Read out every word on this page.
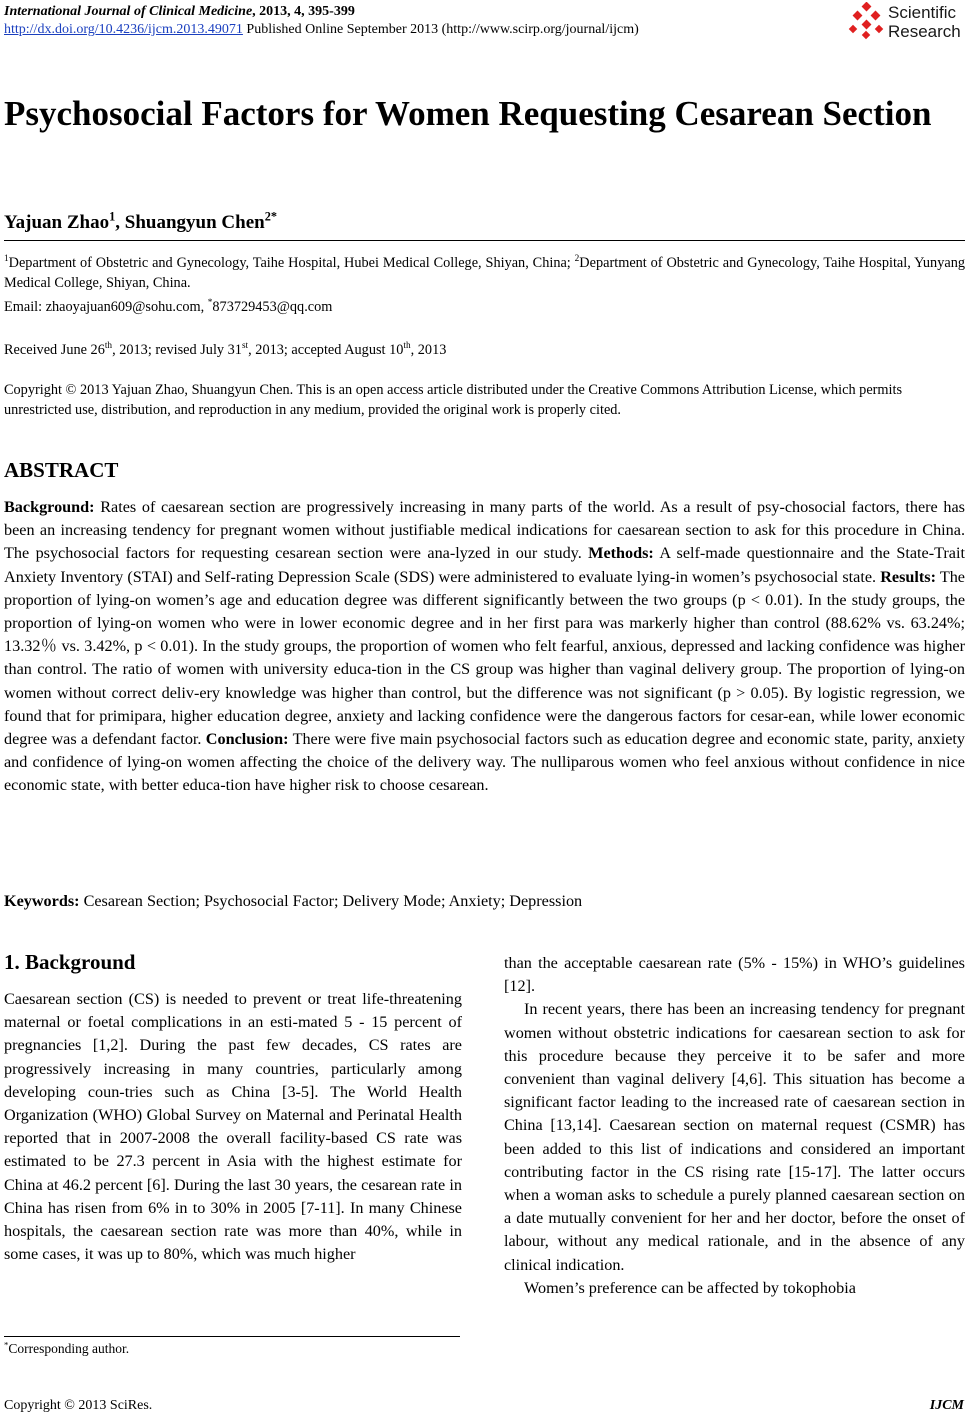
International Journal of Clinical Medicine, 2013, 4, 395-399
http://dx.doi.org/10.4236/ijcm.2013.49071 Published Online September 2013 (http://www.scirp.org/journal/ijcm)
Scientific
Research
Psychosocial Factors for Women Requesting Cesarean Section
Yajuan Zhao$^1$, Shuangyun Chen$^{2*}$
$^1$Department of Obstetric and Gynecology, Taihe Hospital, Hubei Medical College, Shiyan, China; $^2$Department of Obstetric and Gynecology, Taihe Hospital, Yunyang Medical College, Shiyan, China.
Email: zhaoyajuan609@sohu.com, *873729453@qq.com
Received June 26th, 2013; revised July 31st, 2013; accepted August 10th, 2013
Copyright © 2013 Yajuan Zhao, Shuangyun Chen. This is an open access article distributed under the Creative Commons Attribution License, which permits unrestricted use, distribution, and reproduction in any medium, provided the original work is properly cited.
ABSTRACT
Background: Rates of caesarean section are progressively increasing in many parts of the world. As a result of psy-chosocial factors, there has been an increasing tendency for pregnant women without justifiable medical indications for caesarean section to ask for this procedure in China. The psychosocial factors for requesting cesarean section were ana-lyzed in our study. Methods: A self-made questionnaire and the State-Trait Anxiety Inventory (STAI) and Self-rating Depression Scale (SDS) were administered to evaluate lying-in women’s psychosocial state. Results: The proportion of lying-on women’s age and education degree was different significantly between the two groups (p < 0.01). In the study groups, the proportion of lying-on women who were in lower economic degree and in her first para was markerly higher than control (88.62% vs. 63.24%; 13.32％ vs. 3.42%, p < 0.01). In the study groups, the proportion of women who felt fearful, anxious, depressed and lacking confidence was higher than control. The ratio of women with university educa-tion in the CS group was higher than vaginal delivery group. The proportion of lying-on women without correct deliv-ery knowledge was higher than control, but the difference was not significant (p > 0.05). By logistic regression, we found that for primipara, higher education degree, anxiety and lacking confidence were the dangerous factors for cesar-ean, while lower economic degree was a defendant factor. Conclusion: There were five main psychosocial factors such as education degree and economic state, parity, anxiety and confidence of lying-on women affecting the choice of the delivery way. The nulliparous women who feel anxious without confidence in nice economic state, with better educa-tion have higher risk to choose cesarean.
Keywords: Cesarean Section; Psychosocial Factor; Delivery Mode; Anxiety; Depression
1. Background

Caesarean section (CS) is needed to prevent or treat life-threatening maternal or foetal complications in an esti-mated 5 - 15 percent of pregnancies [1,2]. During the past few decades, CS rates are progressively increasing in many countries, particularly among developing coun-tries such as China [3-5]. The World Health Organization (WHO) Global Survey on Maternal and Perinatal Health reported that in 2007-2008 the overall facility-based CS rate was estimated to be 27.3 percent in Asia with the highest estimate for China at 46.2 percent [6]. During the last 30 years, the cesarean rate in China has risen from 6% in to 30% in 2005 [7-11]. In many Chinese hospitals, the caesarean section rate was more than 40%, while in some cases, it was up to 80%, which was much higher

than the acceptable caesarean rate (5% - 15%) in WHO’s guidelines [12].

In recent years, there has been an increasing tendency for pregnant women without obstetric indications for caesarean section to ask for this procedure because they perceive it to be safer and more convenient than vaginal delivery [4,6]. This situation has become a significant factor leading to the increased rate of caesarean section in China [13,14]. Caesarean section on maternal request (CSMR) has been added to this list of indications and considered an important contributing factor in the CS rising rate [15-17]. The latter occurs when a woman asks to schedule a purely planned caesarean section on a date mutually convenient for her and her doctor, before the onset of labour, without any medical rationale, and in the absence of any clinical indication.

Women’s preference can be affected by tokophobia

*Corresponding author.
Copyright © 2013 SciRes.	IJCM
